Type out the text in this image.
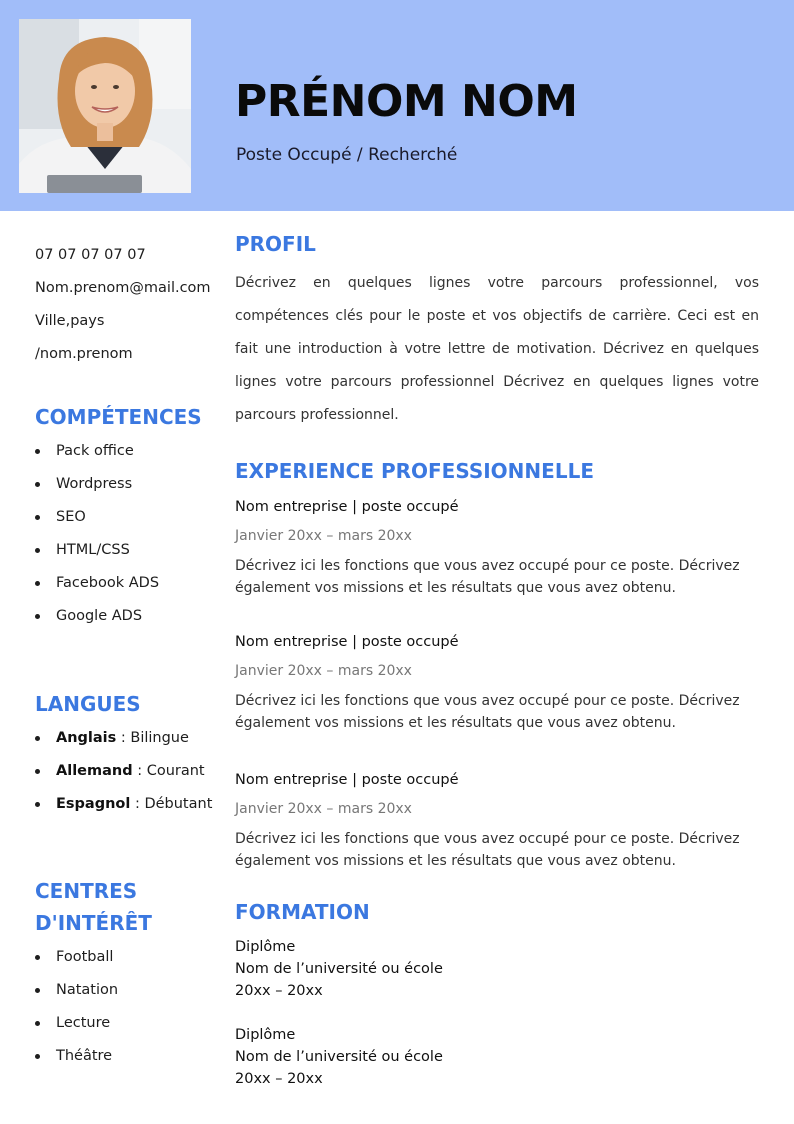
PRÉNOM NOM
Poste Occupé / Recherché
07 07 07 07 07
Nom.prenom@mail.com
Ville,pays
/nom.prenom
COMPÉTENCES
Pack office
Wordpress
SEO
HTML/CSS
Facebook ADS
Google ADS
LANGUES
Anglais : Bilingue
Allemand : Courant
Espagnol : Débutant
CENTRES
D'INTÉRÊT
Football
Natation
Lecture
Théâtre
PROFIL

Décrivez en quelques lignes votre parcours professionnel, vos compétences clés pour le poste et vos objectifs de carrière. Ceci est en fait une introduction à votre lettre de motivation. Décrivez en quelques lignes votre parcours professionnel Décrivez en quelques lignes votre parcours professionnel.

EXPERIENCE PROFESSIONNELLE
Nom entreprise | poste occupé
Janvier 20xx – mars 20xx
Décrivez ici les fonctions que vous avez occupé pour ce poste. Décrivez également vos missions et les résultats que vous avez obtenu.
Nom entreprise | poste occupé
Janvier 20xx – mars 20xx
Décrivez ici les fonctions que vous avez occupé pour ce poste. Décrivez également vos missions et les résultats que vous avez obtenu.
Nom entreprise | poste occupé
Janvier 20xx – mars 20xx
Décrivez ici les fonctions que vous avez occupé pour ce poste. Décrivez également vos missions et les résultats que vous avez obtenu.
FORMATION
Diplôme
Nom de l’université ou école
20xx – 20xx
Diplôme
Nom de l’université ou école
20xx – 20xx
